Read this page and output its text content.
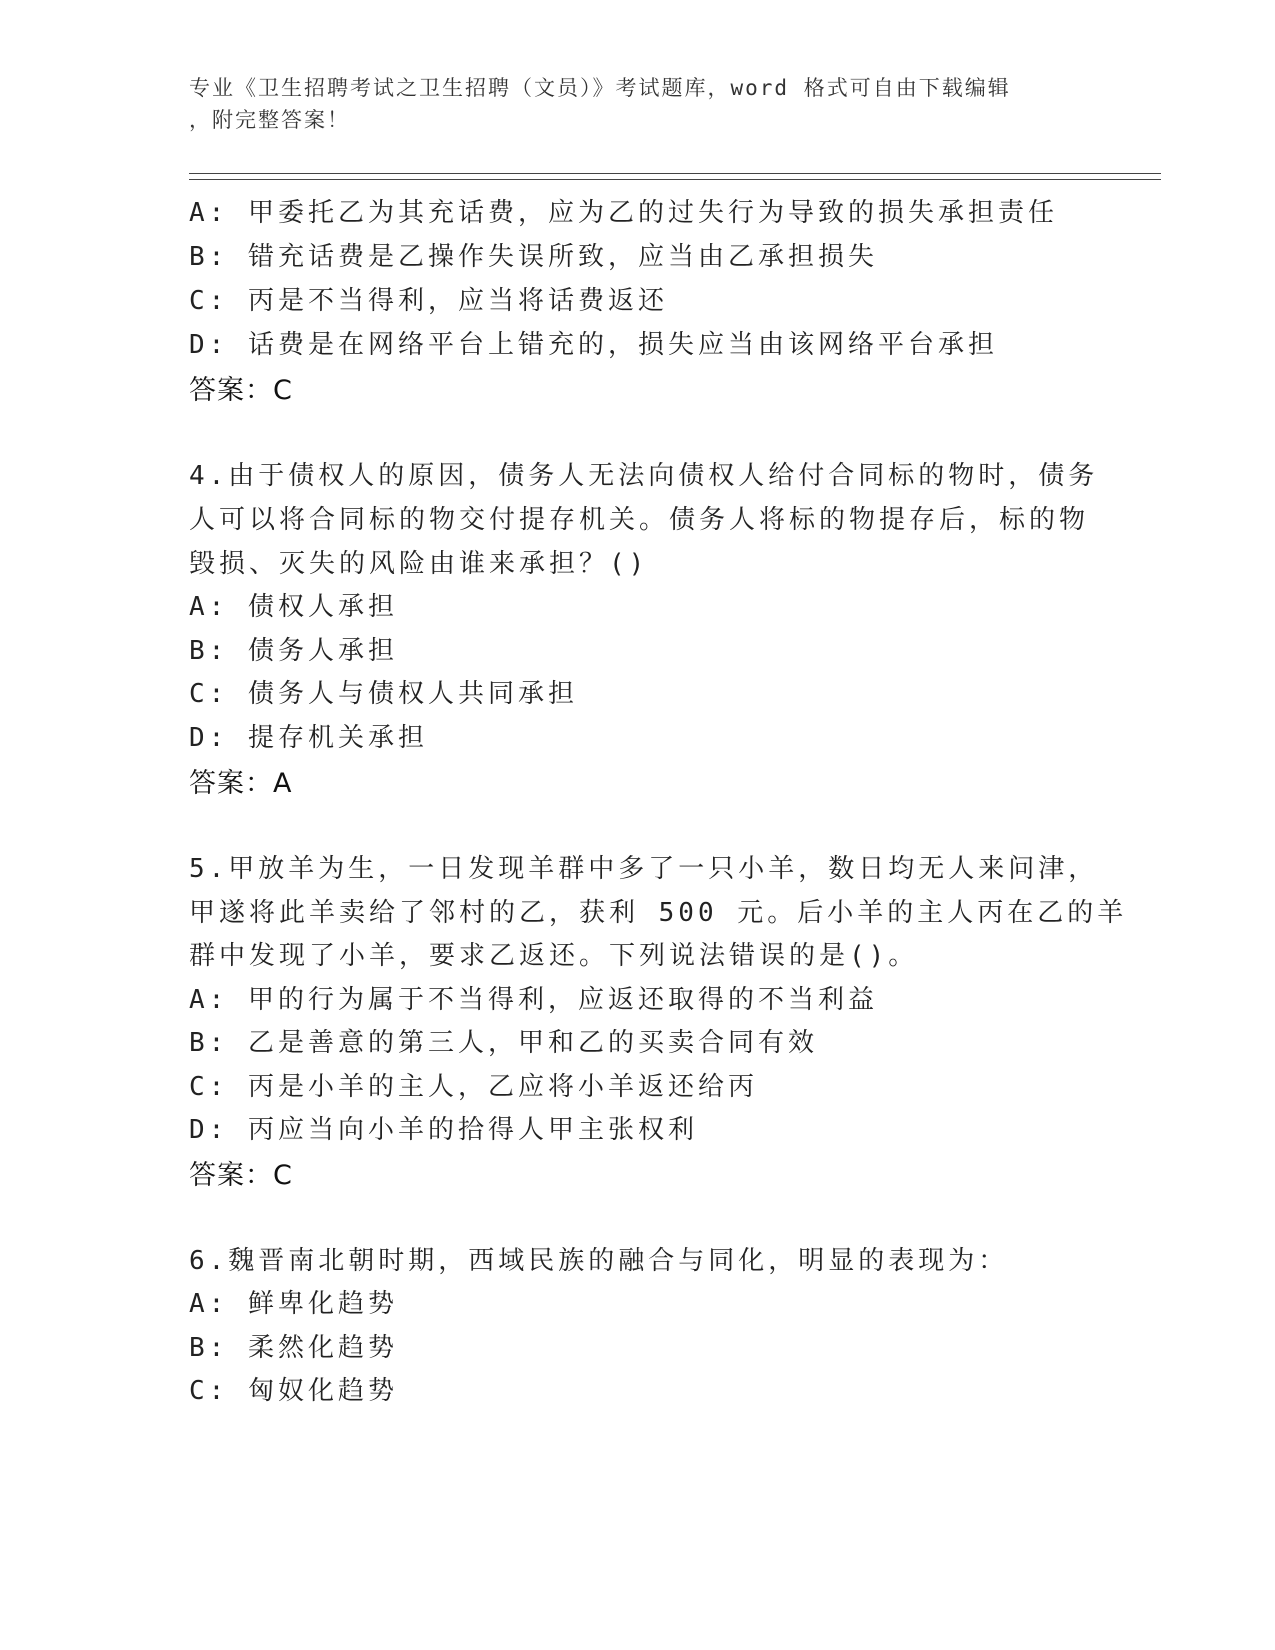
专业《卫生招聘考试之卫生招聘（文员）》考试题库，word 格式可自由下载编辑
，附完整答案！
A: 甲委托乙为其充话费，应为乙的过失行为导致的损失承担责任
B: 错充话费是乙操作失误所致，应当由乙承担损失
C: 丙是不当得利，应当将话费返还
D: 话费是在网络平台上错充的，损失应当由该网络平台承担
答案：C
4.由于债权人的原因，债务人无法向债权人给付合同标的物时，债务
人可以将合同标的物交付提存机关。债务人将标的物提存后，标的物
毁损、灭失的风险由谁来承担？()
A: 债权人承担
B: 债务人承担
C: 债务人与债权人共同承担
D: 提存机关承担
答案：A
5.甲放羊为生，一日发现羊群中多了一只小羊，数日均无人来问津，
甲遂将此羊卖给了邻村的乙，获利 500 元。后小羊的主人丙在乙的羊
群中发现了小羊，要求乙返还。下列说法错误的是()。
A: 甲的行为属于不当得利，应返还取得的不当利益
B: 乙是善意的第三人，甲和乙的买卖合同有效
C: 丙是小羊的主人，乙应将小羊返还给丙
D: 丙应当向小羊的拾得人甲主张权利
答案：C
6.魏晋南北朝时期，西域民族的融合与同化，明显的表现为：
A: 鲜卑化趋势
B: 柔然化趋势
C: 匈奴化趋势
